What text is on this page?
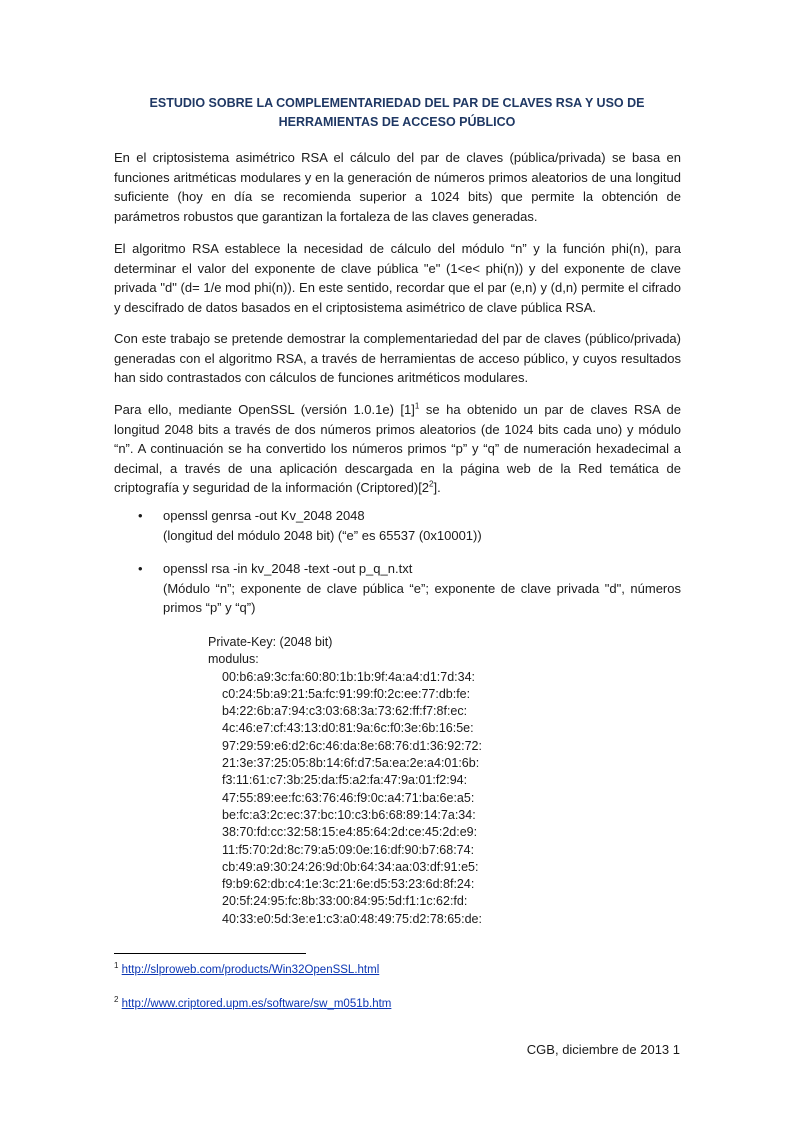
ESTUDIO SOBRE LA COMPLEMENTARIEDAD DEL PAR DE CLAVES RSA Y USO DE
HERRAMIENTAS DE ACCESO PÚBLICO

En el criptosistema asimétrico RSA el cálculo del par de claves (pública/privada) se basa en funciones aritméticas modulares y en la generación de números primos aleatorios de una longitud suficiente (hoy en día se recomienda superior a 1024 bits) que permite la obtención de parámetros robustos que garantizan la fortaleza de las claves generadas.

El algoritmo RSA establece la necesidad de cálculo del módulo “n” y la función phi(n), para determinar el valor del exponente de clave pública "e" (1<e< phi(n)) y del exponente de clave privada "d" (d= 1/e mod phi(n)). En este sentido, recordar que el par (e,n) y (d,n) permite el cifrado y descifrado de datos basados en el criptosistema asimétrico de clave pública RSA.

Con este trabajo se pretende demostrar la complementariedad del par de claves (público/privada) generadas con el algoritmo RSA, a través de herramientas de acceso público, y cuyos resultados han sido contrastados con cálculos de funciones aritméticos modulares.

Para ello, mediante OpenSSL (versión 1.0.1e) $[1]^1$ se ha obtenido un par de claves RSA de longitud 2048 bits a través de dos números primos aleatorios (de 1024 bits cada uno) y módulo “n”. A continuación se ha convertido los números primos “p” y “q” de numeración hexadecimal a decimal, a través de una aplicación descargada en la página web de la Red temática de criptografía y seguridad de la información $(Criptored)[2^2]$.

• openssl genrsa -out Kv_2048 2048
(longitud del módulo 2048 bit) (“e” es 65537 (0x10001))
• openssl rsa -in kv_2048 -text -out p_q_n.txt
(Módulo “n”; exponente de clave pública “e”; exponente de clave privada "d", números primos “p” y “q”)
Private-Key: (2048 bit)
modulus:
00:b6:a9:3c:fa:60:80:1b:1b:9f:4a:a4:d1:7d:34:
c0:24:5b:a9:21:5a:fc:91:99:f0:2c:ee:77:db:fe:
b4:22:6b:a7:94:c3:03:68:3a:73:62:ff:f7:8f:ec:
4c:46:e7:cf:43:13:d0:81:9a:6c:f0:3e:6b:16:5e:
97:29:59:e6:d2:6c:46:da:8e:68:76:d1:36:92:72:
21:3e:37:25:05:8b:14:6f:d7:5a:ea:2e:a4:01:6b:
f3:11:61:c7:3b:25:da:f5:a2:fa:47:9a:01:f2:94:
47:55:89:ee:fc:63:76:46:f9:0c:a4:71:ba:6e:a5:
be:fc:a3:2c:ec:37:bc:10:c3:b6:68:89:14:7a:34:
38:70:fd:cc:32:58:15:e4:85:64:2d:ce:45:2d:e9:
11:f5:70:2d:8c:79:a5:09:0e:16:df:90:b7:68:74:
cb:49:a9:30:24:26:9d:0b:64:34:aa:03:df:91:e5:
f9:b9:62:db:c4:1e:3c:21:6e:d5:53:23:6d:8f:24:
20:5f:24:95:fc:8b:33:00:84:95:5d:f1:1c:62:fd:
40:33:e0:5d:3e:e1:c3:a0:48:49:75:d2:78:65:de:
$^1$ http://slproweb.com/products/Win32OpenSSL.html
$^2$ http://www.criptored.upm.es/software/sw_m051b.htm
CGB, diciembre de 2013 1
